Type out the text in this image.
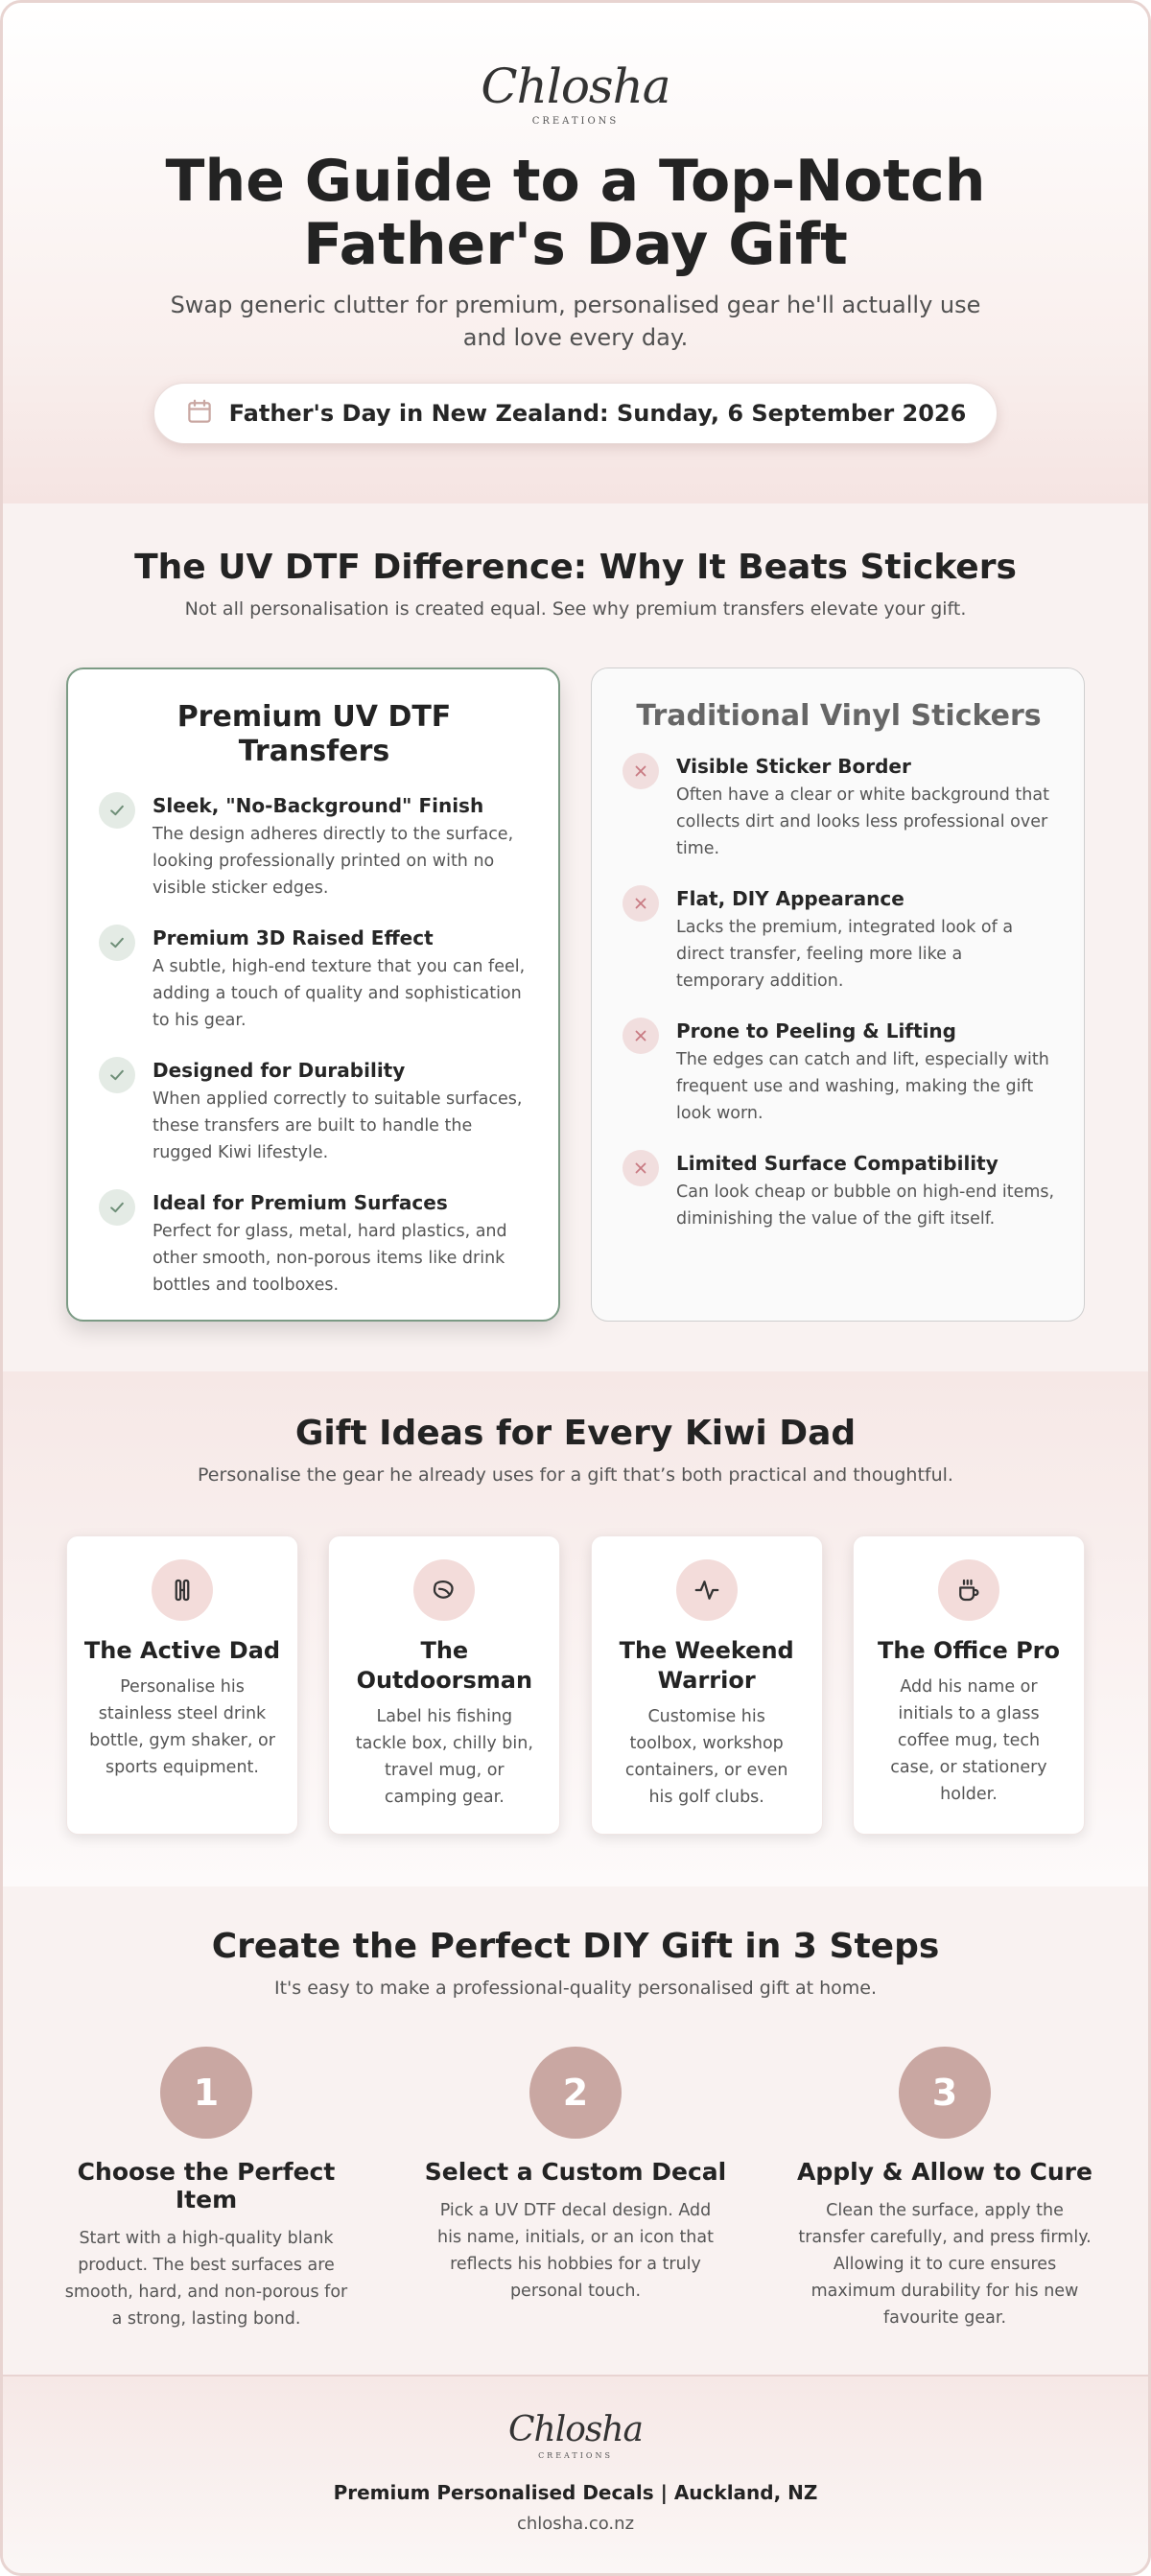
Chlosha
CREATIONS
The Guide to a Top-Notch Father's Day Gift

Swap generic clutter for premium, personalised gear he'll actually use and love every day.

Father's Day in New Zealand: Sunday, 6 September 2026
The UV DTF Difference: Why It Beats Stickers

Not all personalisation is created equal. See why premium transfers elevate your gift.

Premium UV DTF Transfers
Sleek, "No-Background" Finish
The design adheres directly to the surface, looking professionally printed on with no visible sticker edges.
Premium 3D Raised Effect
A subtle, high-end texture that you can feel, adding a touch of quality and sophistication to his gear.
Designed for Durability
When applied correctly to suitable surfaces, these transfers are built to handle the rugged Kiwi lifestyle.
Ideal for Premium Surfaces
Perfect for glass, metal, hard plastics, and other smooth, non-porous items like drink bottles and toolboxes.
Traditional Vinyl Stickers
Visible Sticker Border
Often have a clear or white background that collects dirt and looks less professional over time.
Flat, DIY Appearance
Lacks the premium, integrated look of a direct transfer, feeling more like a temporary addition.
Prone to Peeling & Lifting
The edges can catch and lift, especially with frequent use and washing, making the gift look worn.
Limited Surface Compatibility
Can look cheap or bubble on high-end items, diminishing the value of the gift itself.
Gift Ideas for Every Kiwi Dad

Personalise the gear he already uses for a gift that’s both practical and thoughtful.

The Active Dad
Personalise his stainless steel drink bottle, gym shaker, or sports equipment.
The Outdoorsman
Label his fishing tackle box, chilly bin, travel mug, or camping gear.
The Weekend Warrior
Customise his toolbox, workshop containers, or even his golf clubs.
The Office Pro
Add his name or initials to a glass coffee mug, tech case, or stationery holder.
Create the Perfect DIY Gift in 3 Steps

It's easy to make a professional-quality personalised gift at home.

1
Choose the Perfect Item
Start with a high-quality blank product. The best surfaces are smooth, hard, and non-porous for a strong, lasting bond.
2
Select a Custom Decal
Pick a UV DTF decal design. Add his name, initials, or an icon that reflects his hobbies for a truly personal touch.
3
Apply & Allow to Cure
Clean the surface, apply the transfer carefully, and press firmly. Allowing it to cure ensures maximum durability for his new favourite gear.
Chlosha
CREATIONS
Premium Personalised Decals | Auckland, NZ
chlosha.co.nz
